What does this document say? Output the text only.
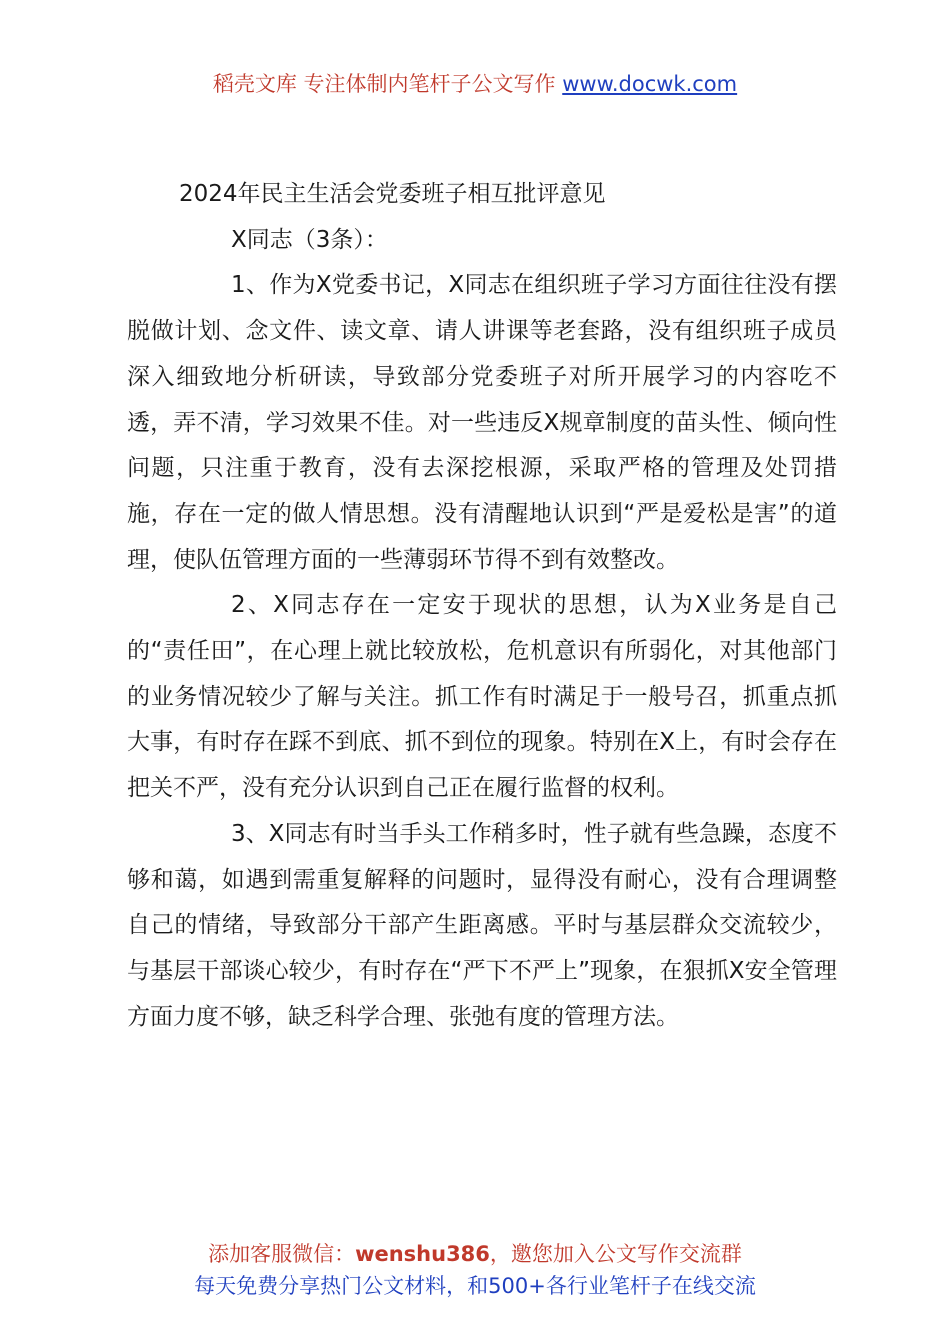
稻壳文库 专注体制内笔杆子公文写作 www.docwk.com

2024年民主生活会党委班子相互批评意见

X同志（3条）：

1、作为X党委书记，X同志在组织班子学习方面往往没有摆脱做计划、念文件、读文章、请人讲课等老套路，没有组织班子成员深入细致地分析研读，导致部分党委班子对所开展学习的内容吃不透，弄不清，学习效果不佳。对一些违反X规章制度的苗头性、倾向性问题，只注重于教育，没有去深挖根源，采取严格的管理及处罚措施，存在一定的做人情思想。没有清醒地认识到“严是爱松是害”的道理，使队伍管理方面的一些薄弱环节得不到有效整改。

2、X同志存在一定安于现状的思想，认为X业务是自己的“责任田”，在心理上就比较放松，危机意识有所弱化，对其他部门的业务情况较少了解与关注。抓工作有时满足于一般号召，抓重点抓大事，有时存在踩不到底、抓不到位的现象。特别在X上，有时会存在把关不严，没有充分认识到自己正在履行监督的权利。

3、X同志有时当手头工作稍多时，性子就有些急躁，态度不够和蔼，如遇到需重复解释的问题时，显得没有耐心，没有合理调整自己的情绪，导致部分干部产生距离感。平时与基层群众交流较少，与基层干部谈心较少，有时存在“严下不严上”现象，在狠抓X安全管理方面力度不够，缺乏科学合理、张弛有度的管理方法。

添加客服微信：wenshu386，邀您加入公文写作交流群
每天免费分享热门公文材料，和500+各行业笔杆子在线交流
